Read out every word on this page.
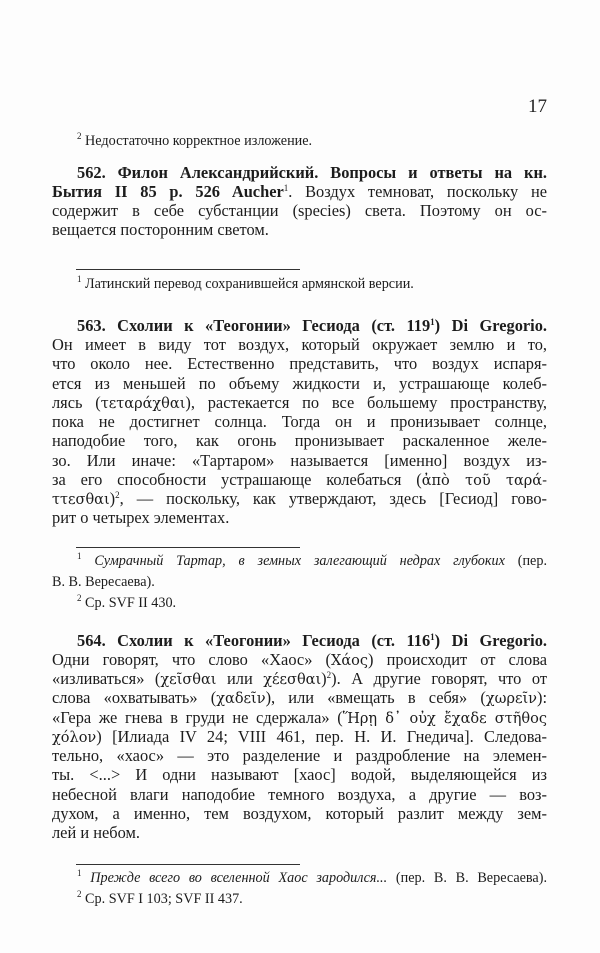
17
$^2$ Недостаточно корректное изложение.
562. Филон Александрийский. Вопросы и ответы на кн.
Бытия II 85 p. 526 Aucher$^1$. Воздух темноват, поскольку не
содержит в себе субстанции (species) света. Поэтому он ос-
вещается посторонним светом.
$^1$ Латинский перевод сохранившейся армянской версии.
563. Схолии к «Теогонии» Гесиода (ст. $119^1$) Di Gregorio.
Он имеет в виду тот воздух, который окружает землю и то,
что около нее. Естественно представить, что воздух испаря-
ется из меньшей по объему жидкости и, устрашающе колеб-
лясь (τεταράχθαι), растекается по все большему пространству,
пока не достигнет солнца. Тогда он и пронизывает солнце,
наподобие того, как огонь пронизывает раскаленное желе-
зо. Или иначе: «Тартаром» называется [именно] воздух из-
за его способности устрашающе колебаться (ἀπὸ τοῦ ταρά-
ττεσθαι)$^2$, — поскольку, как утверждают, здесь [Гесиод] гово-
рит о четырех элементах.
$^1$ Сумрачный Тартар, в земных залегающий недрах глубоких (пер.
В. В. Вересаева).
$^2$ Ср. SVF II 430.
564. Схолии к «Теогонии» Гесиода (ст. $116^1$) Di Gregorio.
Одни говорят, что слово «Хаос» (Χάος) происходит от слова
«изливаться» (χεῖσθαι или χέεσθαι)$^2$). А другие говорят, что от
слова «охватывать» (χαδεῖν), или «вмещать в себя» (χωρεῖν):
«Гера же гнева в груди не сдержала» (Ἥρῃ δ᾽ οὐχ ἔχαδε στῆθος
χόλον) [Илиада IV 24; VIII 461, пер. Н. И. Гнедича]. Следова-
тельно, «хаос» — это разделение и раздробление на элемен-
ты. <...> И одни называют [хаос] водой, выделяющейся из
небесной влаги наподобие темного воздуха, а другие — воз-
духом, а именно, тем воздухом, который разлит между зем-
лей и небом.
$^1$ Прежде всего во вселенной Хаос зародился... (пер. В. В. Вересаева).
$^2$ Ср. SVF I 103; SVF II 437.
